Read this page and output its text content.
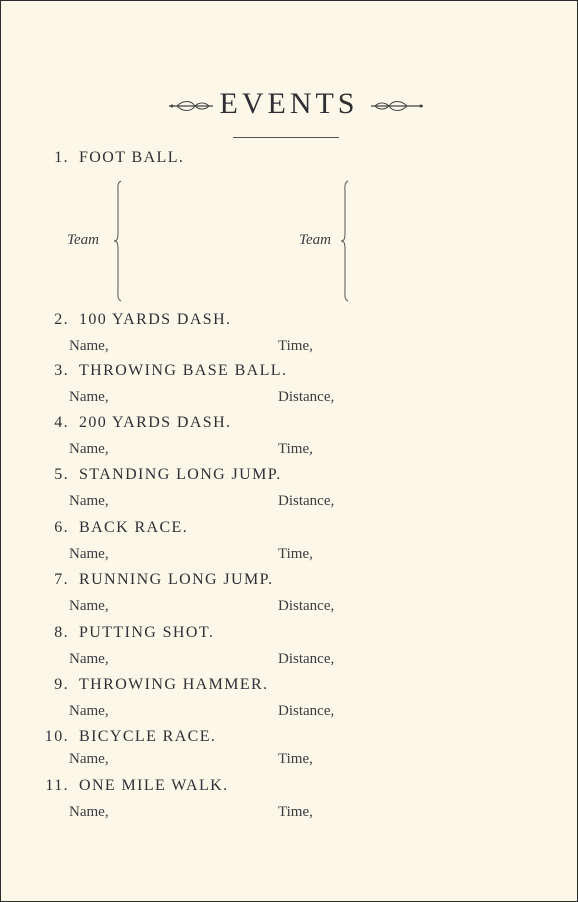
EVENTS
1. FOOT BALL.
Team	Team
2. 100 YARDS DASH.
Name,	Time,
3. THROWING BASE BALL.
Name,	Distance,
4. 200 YARDS DASH.
Name,	Time,
5. STANDING LONG JUMP.
Name,	Distance,
6. BACK RACE.
Name,	Time,
7. RUNNING LONG JUMP.
Name,	Distance,
8. PUTTING SHOT.
Name,	Distance,
9. THROWING HAMMER.
Name,	Distance,
10. BICYCLE RACE.
Name,	Time,
11. ONE MILE WALK.
Name,	Time,
